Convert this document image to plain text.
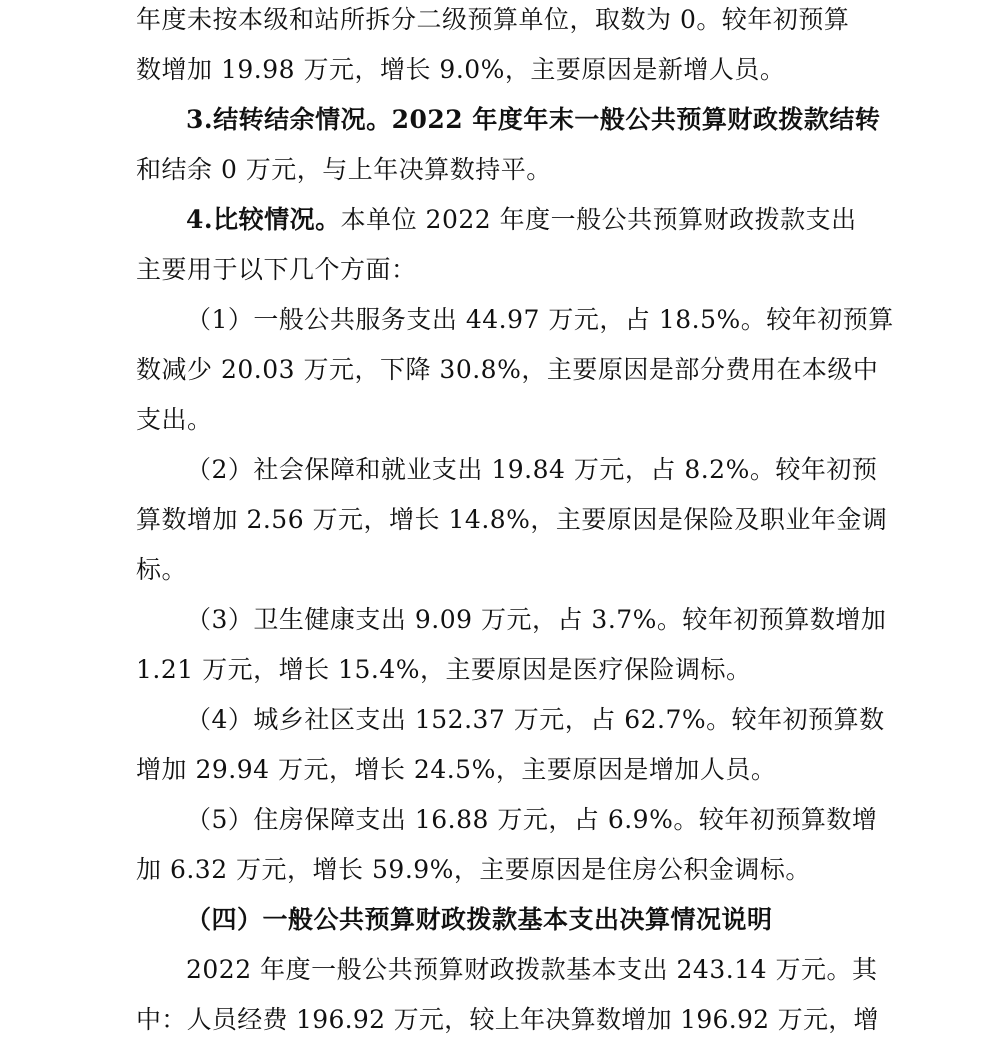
年度未按本级和站所拆分二级预算单位，取数为 0。较年初预算
数增加 19.98 万元，增长 9.0%，主要原因是新增人员。
3.结转结余情况。2022 年度年末一般公共预算财政拨款结转
和结余 0 万元，与上年决算数持平。
4.比较情况。本单位 2022 年度一般公共预算财政拨款支出
主要用于以下几个方面：
（1）一般公共服务支出 44.97 万元，占 18.5%。较年初预算
数减少 20.03 万元，下降 30.8%，主要原因是部分费用在本级中
支出。
（2）社会保障和就业支出 19.84 万元，占 8.2%。较年初预
算数增加 2.56 万元，增长 14.8%，主要原因是保险及职业年金调
标。
（3）卫生健康支出 9.09 万元，占 3.7%。较年初预算数增加
1.21 万元，增长 15.4%，主要原因是医疗保险调标。
（4）城乡社区支出 152.37 万元，占 62.7%。较年初预算数
增加 29.94 万元，增长 24.5%，主要原因是增加人员。
（5）住房保障支出 16.88 万元，占 6.9%。较年初预算数增
加 6.32 万元，增长 59.9%，主要原因是住房公积金调标。
（四）一般公共预算财政拨款基本支出决算情况说明
2022 年度一般公共预算财政拨款基本支出 243.14 万元。其
中：人员经费 196.92 万元，较上年决算数增加 196.92 万元，增
